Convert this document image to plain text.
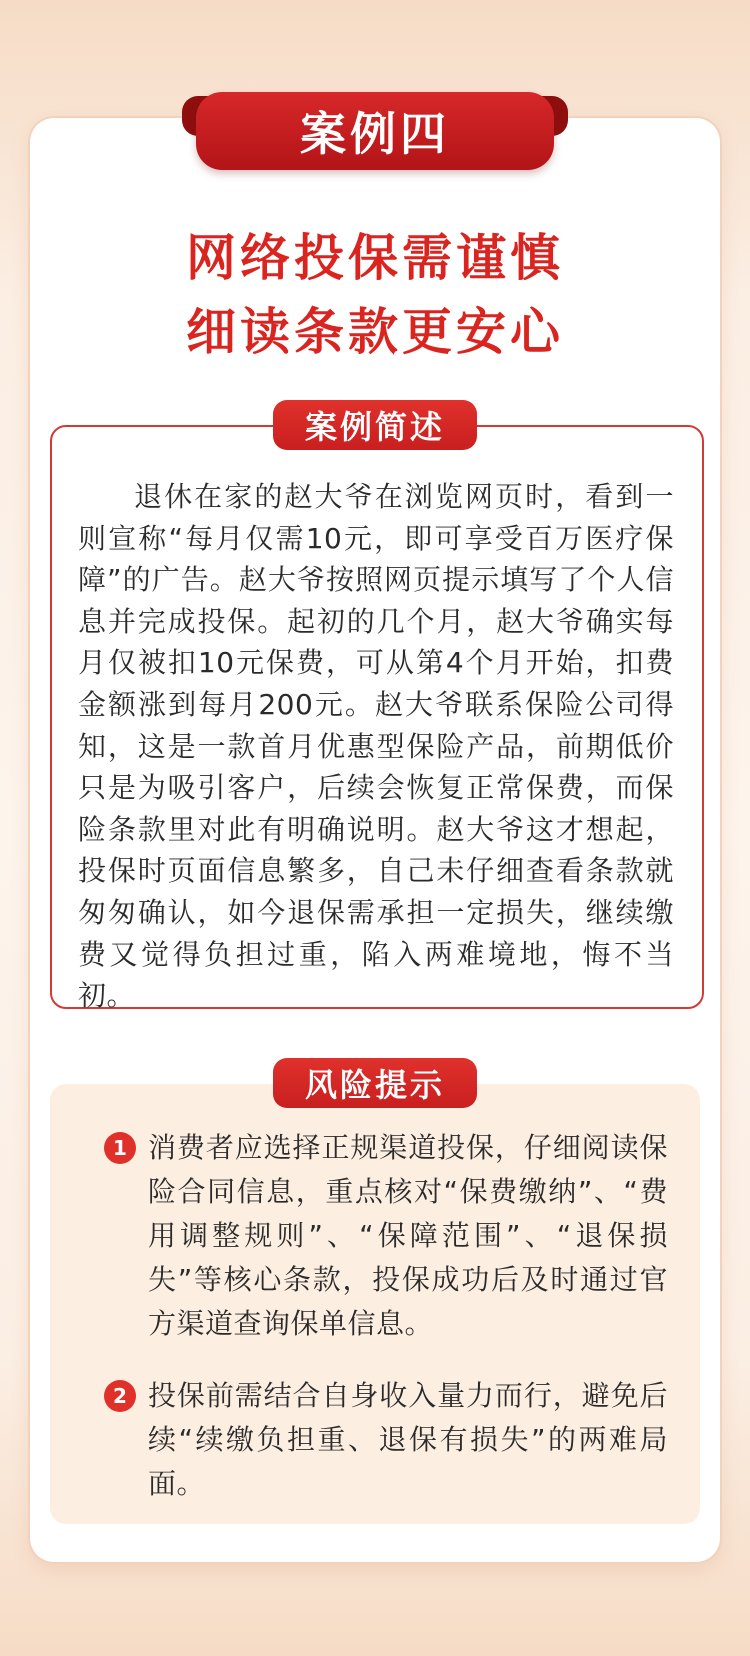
案例四
网络投保需谨慎
细读条款更安心
案例简述
退休在家的赵大爷在浏览网页时，看到一则宣称“每月仅需10元，即可享受百万医疗保障”的广告。赵大爷按照网页提示填写了个人信息并完成投保。起初的几个月，赵大爷确实每月仅被扣10元保费，可从第4个月开始，扣费金额涨到每月200元。赵大爷联系保险公司得知，这是一款首月优惠型保险产品，前期低价只是为吸引客户，后续会恢复正常保费，而保险条款里对此有明确说明。赵大爷这才想起，投保时页面信息繁多，自己未仔细查看条款就匆匆确认，如今退保需承担一定损失，继续缴费又觉得负担过重，陷入两难境地，悔不当初。
风险提示
1 消费者应选择正规渠道投保，仔细阅读保险合同信息，重点核对“保费缴纳”、“费用调整规则”、“保障范围”、“退保损失”等核心条款，投保成功后及时通过官方渠道查询保单信息。
2 投保前需结合自身收入量力而行，避免后续“续缴负担重、退保有损失”的两难局面。
